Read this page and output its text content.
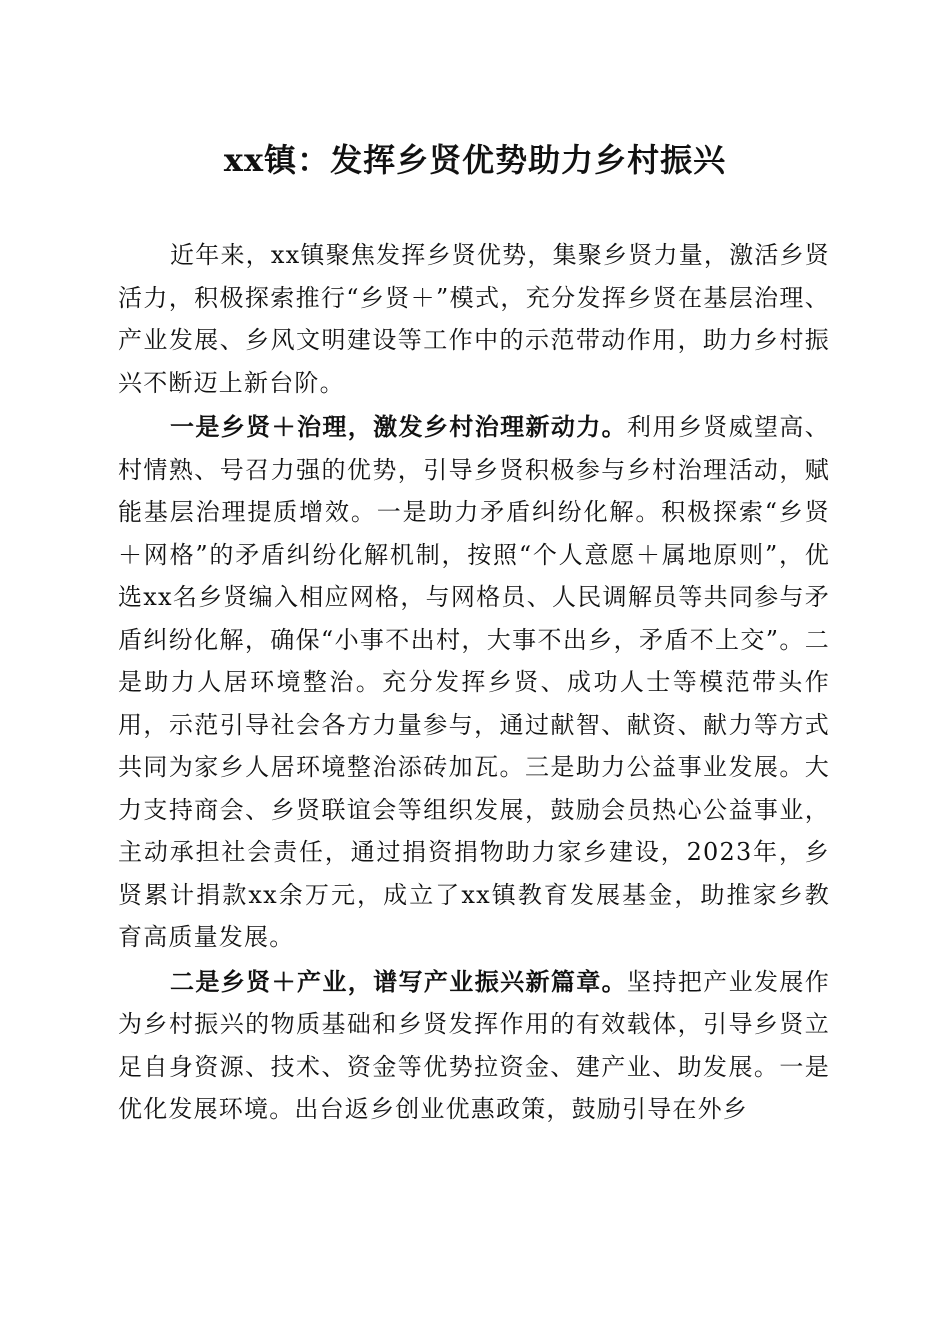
xx镇：发挥乡贤优势助力乡村振兴

近年来，xx镇聚焦发挥乡贤优势，集聚乡贤力量，激活乡贤活力，积极探索推行“乡贤＋”模式，充分发挥乡贤在基层治理、产业发展、乡风文明建设等工作中的示范带动作用，助力乡村振兴不断迈上新台阶。

一是乡贤＋治理，激发乡村治理新动力。利用乡贤威望高、村情熟、号召力强的优势，引导乡贤积极参与乡村治理活动，赋能基层治理提质增效。一是助力矛盾纠纷化解。积极探索“乡贤＋网格”的矛盾纠纷化解机制，按照“个人意愿＋属地原则”，优选xx名乡贤编入相应网格，与网格员、人民调解员等共同参与矛盾纠纷化解，确保“小事不出村，大事不出乡，矛盾不上交”。二是助力人居环境整治。充分发挥乡贤、成功人士等模范带头作用，示范引导社会各方力量参与，通过献智、献资、献力等方式共同为家乡人居环境整治添砖加瓦。三是助力公益事业发展。大力支持商会、乡贤联谊会等组织发展，鼓励会员热心公益事业，主动承担社会责任，通过捐资捐物助力家乡建设，2023年，乡贤累计捐款xx余万元，成立了xx镇教育发展基金，助推家乡教育高质量发展。

二是乡贤＋产业，谱写产业振兴新篇章。坚持把产业发展作为乡村振兴的物质基础和乡贤发挥作用的有效载体，引导乡贤立足自身资源、技术、资金等优势拉资金、建产业、助发展。一是优化发展环境。出台返乡创业优惠政策，鼓励引导在外乡
